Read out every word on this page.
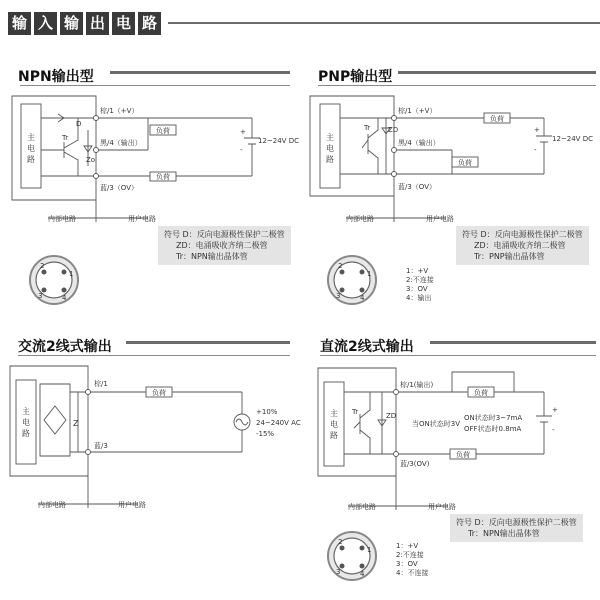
输 入 输 出 电 路
NPN输出型	PNP输出型
交流2线式输出	直流2线式输出
主
电
路
D
Tr
Zo
棕/1（+V）
黑/4（输出）
蓝/3（OV）
负荷
负荷
+
-
12~24V DC
内部电路	用户电路
2
1
3	4
主
电
路
Tr	ZD
棕/1（+V）
黑/4（输出）
蓝/3（OV）
负荷
负荷
+
-
12~24V DC
内部电路	用户电路
2
1
3	4
1：+V
2:不连接
3：OV
4：输出
主
电
路
Z
棕/1
蓝/3
负荷
+10%
24~240V AC
-15%
内部电路	用户电路
主
电
路
Tr	ZD
棕/1(输出)
蓝/3(OV)
负荷
负荷
当ON状态时3V
ON状态时3~7mA
OFF状态时0.8mA
+
-
内部电路	用户电路
2
1
3	4
1：+V
2:不连接
3：OV
4：不连接
符号 D：反向电源极性保护二极管
ZD：电涌吸收齐纳二极管
Tr：NPN输出晶体管
符号 D：反向电源极性保护二极管
ZD：电涌吸收齐纳二极管
Tr：PNP输出晶体管
符号 D：反向电源极性保护二极管
Tr：NPN输出晶体管
